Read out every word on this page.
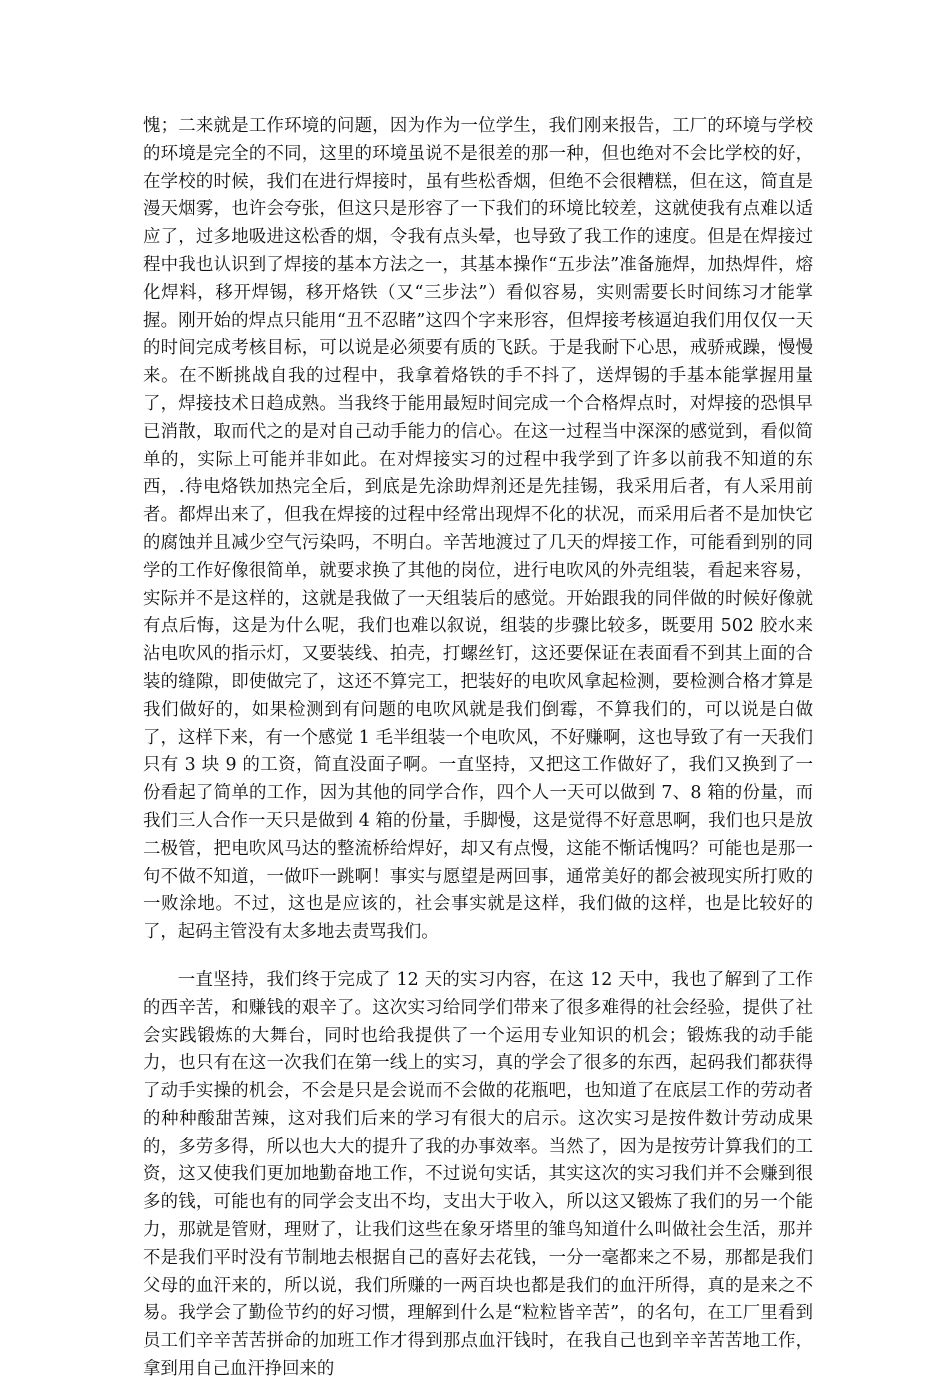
愧；二来就是工作环境的问题，因为作为一位学生，我们刚来报告，工厂的环境与学校的环境是完全的不同，这里的环境虽说不是很差的那一种，但也绝对不会比学校的好，在学校的时候，我们在进行焊接时，虽有些松香烟，但绝不会很糟糕，但在这，简直是漫天烟雾，也许会夸张，但这只是形容了一下我们的环境比较差，这就使我有点难以适应了，过多地吸进这松香的烟，令我有点头晕，也导致了我工作的速度。但是在焊接过程中我也认识到了焊接的基本方法之一，其基本操作“五步法”准备施焊，加热焊件，熔化焊料，移开焊锡，移开烙铁（又“三步法”）看似容易，实则需要长时间练习才能掌握。刚开始的焊点只能用“丑不忍睹”这四个字来形容，但焊接考核逼迫我们用仅仅一天的时间完成考核目标，可以说是必须要有质的飞跃。于是我耐下心思，戒骄戒躁，慢慢来。在不断挑战自我的过程中，我拿着烙铁的手不抖了，送焊锡的手基本能掌握用量了，焊接技术日趋成熟。当我终于能用最短时间完成一个合格焊点时，对焊接的恐惧早已消散，取而代之的是对自己动手能力的信心。在这一过程当中深深的感觉到，看似简单的，实际上可能并非如此。在对焊接实习的过程中我学到了许多以前我不知道的东西，.待电烙铁加热完全后，到底是先涂助焊剂还是先挂锡，我采用后者，有人采用前者。都焊出来了，但我在焊接的过程中经常出现焊不化的状况，而采用后者不是加快它的腐蚀并且减少空气污染吗，不明白。辛苦地渡过了几天的焊接工作，可能看到别的同学的工作好像很简单，就要求换了其他的岗位，进行电吹风的外壳组装，看起来容易，实际并不是这样的，这就是我做了一天组装后的感觉。开始跟我的同伴做的时候好像就有点后悔，这是为什么呢，我们也难以叙说，组装的步骤比较多，既要用 502 胶水来沾电吹风的指示灯，又要装线、拍壳，打螺丝钉，这还要保证在表面看不到其上面的合装的缝隙，即使做完了，这还不算完工，把装好的电吹风拿起检测，要检测合格才算是我们做好的，如果检测到有问题的电吹风就是我们倒霉，不算我们的，可以说是白做了，这样下来，有一个感觉 1 毛半组装一个电吹风，不好赚啊，这也导致了有一天我们只有 3 块 9 的工资，简直没面子啊。一直坚持，又把这工作做好了，我们又换到了一份看起了简单的工作，因为其他的同学合作，四个人一天可以做到 7、8 箱的份量，而我们三人合作一天只是做到 4 箱的份量，手脚慢，这是觉得不好意思啊，我们也只是放二极管，把电吹风马达的整流桥给焊好，却又有点慢，这能不惭话愧吗？可能也是那一句不做不知道，一做吓一跳啊！事实与愿望是两回事，通常美好的都会被现实所打败的一败涂地。不过，这也是应该的，社会事实就是这样，我们做的这样，也是比较好的了，起码主管没有太多地去责骂我们。

一直坚持，我们终于完成了 12 天的实习内容，在这 12 天中，我也了解到了工作的西辛苦，和赚钱的艰辛了。这次实习给同学们带来了很多难得的社会经验，提供了社会实践锻炼的大舞台，同时也给我提供了一个运用专业知识的机会；锻炼我的动手能力，也只有在这一次我们在第一线上的实习，真的学会了很多的东西，起码我们都获得了动手实操的机会，不会是只是会说而不会做的花瓶吧，也知道了在底层工作的劳动者的种种酸甜苦辣，这对我们后来的学习有很大的启示。这次实习是按件数计劳动成果的，多劳多得，所以也大大的提升了我的办事效率。当然了，因为是按劳计算我们的工资，这又使我们更加地勤奋地工作，不过说句实话，其实这次的实习我们并不会赚到很多的钱，可能也有的同学会支出不均，支出大于收入，所以这又锻炼了我们的另一个能力，那就是管财，理财了，让我们这些在象牙塔里的雏鸟知道什么叫做社会生活，那并不是我们平时没有节制地去根据自己的喜好去花钱，一分一毫都来之不易，那都是我们父母的血汗来的，所以说，我们所赚的一两百块也都是我们的血汗所得，真的是来之不易。我学会了勤俭节约的好习惯，理解到什么是“粒粒皆辛苦”，的名句，在工厂里看到员工们辛辛苦苦拼命的加班工作才得到那点血汗钱时，在我自己也到辛辛苦苦地工作，拿到用自己血汗挣回来的
